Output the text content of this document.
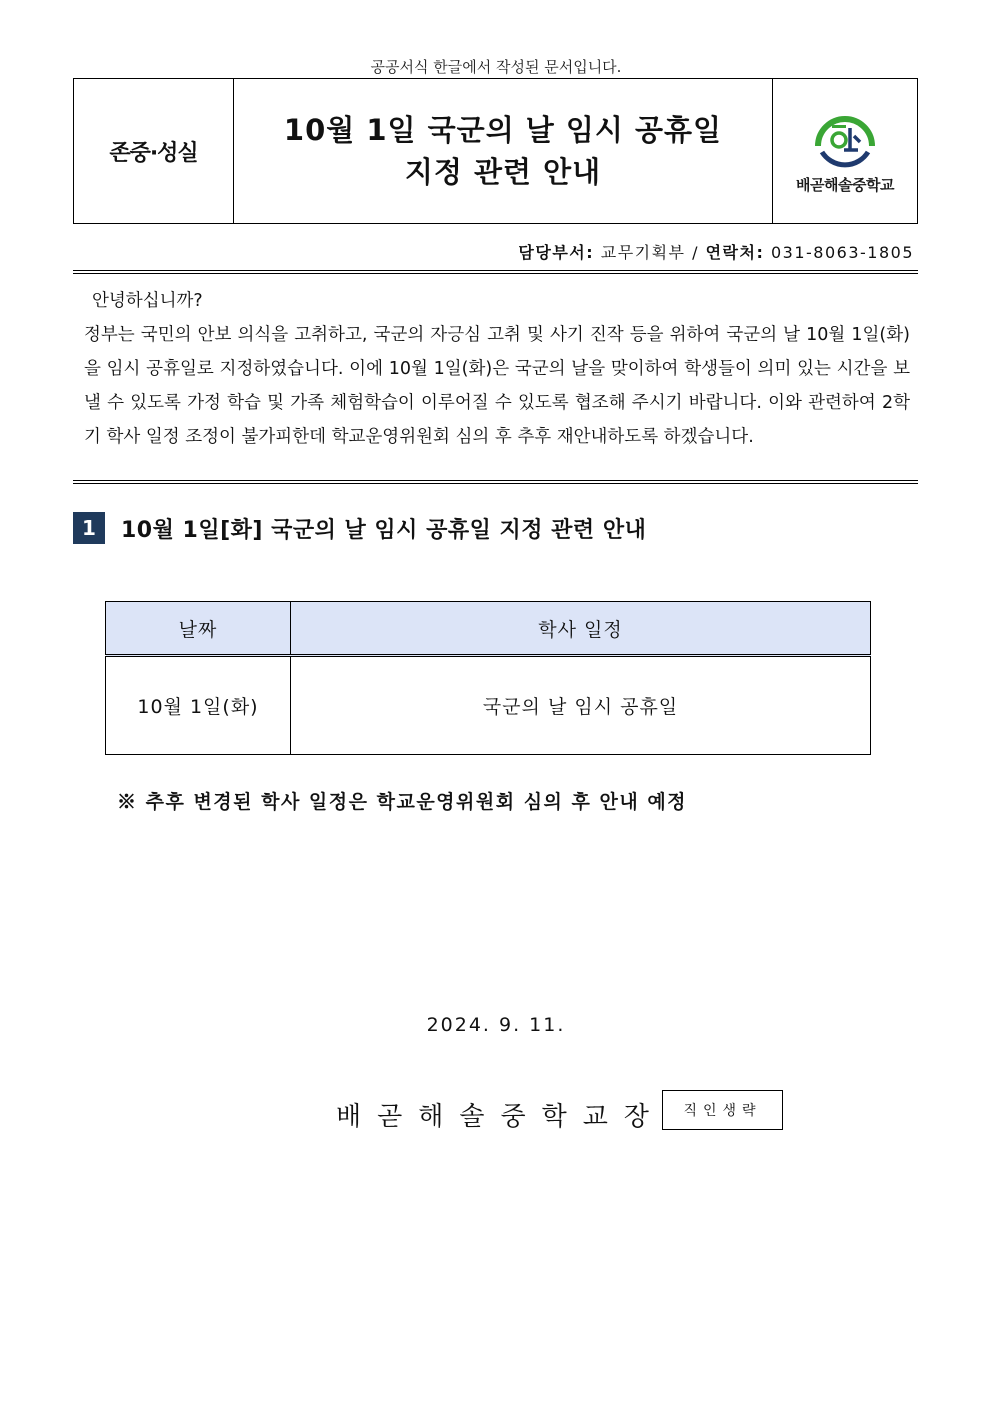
공공서식 한글에서 작성된 문서입니다.
존중·성실
10월 1일 국군의 날 임시 공휴일
지정 관련 안내	배곧해솔중학교
담당부서: 교무기획부 / 연락처: 031-8063-1805
안녕하십니까?
정부는 국민의 안보 의식을 고취하고, 국군의 자긍심 고취 및 사기 진작 등을 위하여 국군의 날 10월 1일(화)을 임시 공휴일로 지정하였습니다. 이에 10월 1일(화)은 국군의 날을 맞이하여 학생들이 의미 있는 시간을 보낼 수 있도록 가정 학습 및 가족 체험학습이 이루어질 수 있도록 협조해 주시기 바랍니다. 이와 관련하여 2학기 학사 일정 조정이 불가피한데 학교운영위원회 심의 후 추후 재안내하도록 하겠습니다.
1	10월 1일[화] 국군의 날 임시 공휴일 지정 관련 안내
날짜	학사 일정
10월 1일(화)	국군의 날 임시 공휴일
※ 추후 변경된 학사 일정은 학교운영위원회 심의 후 안내 예정
2024. 9. 11.
배곧해솔중학교장	직인생략
